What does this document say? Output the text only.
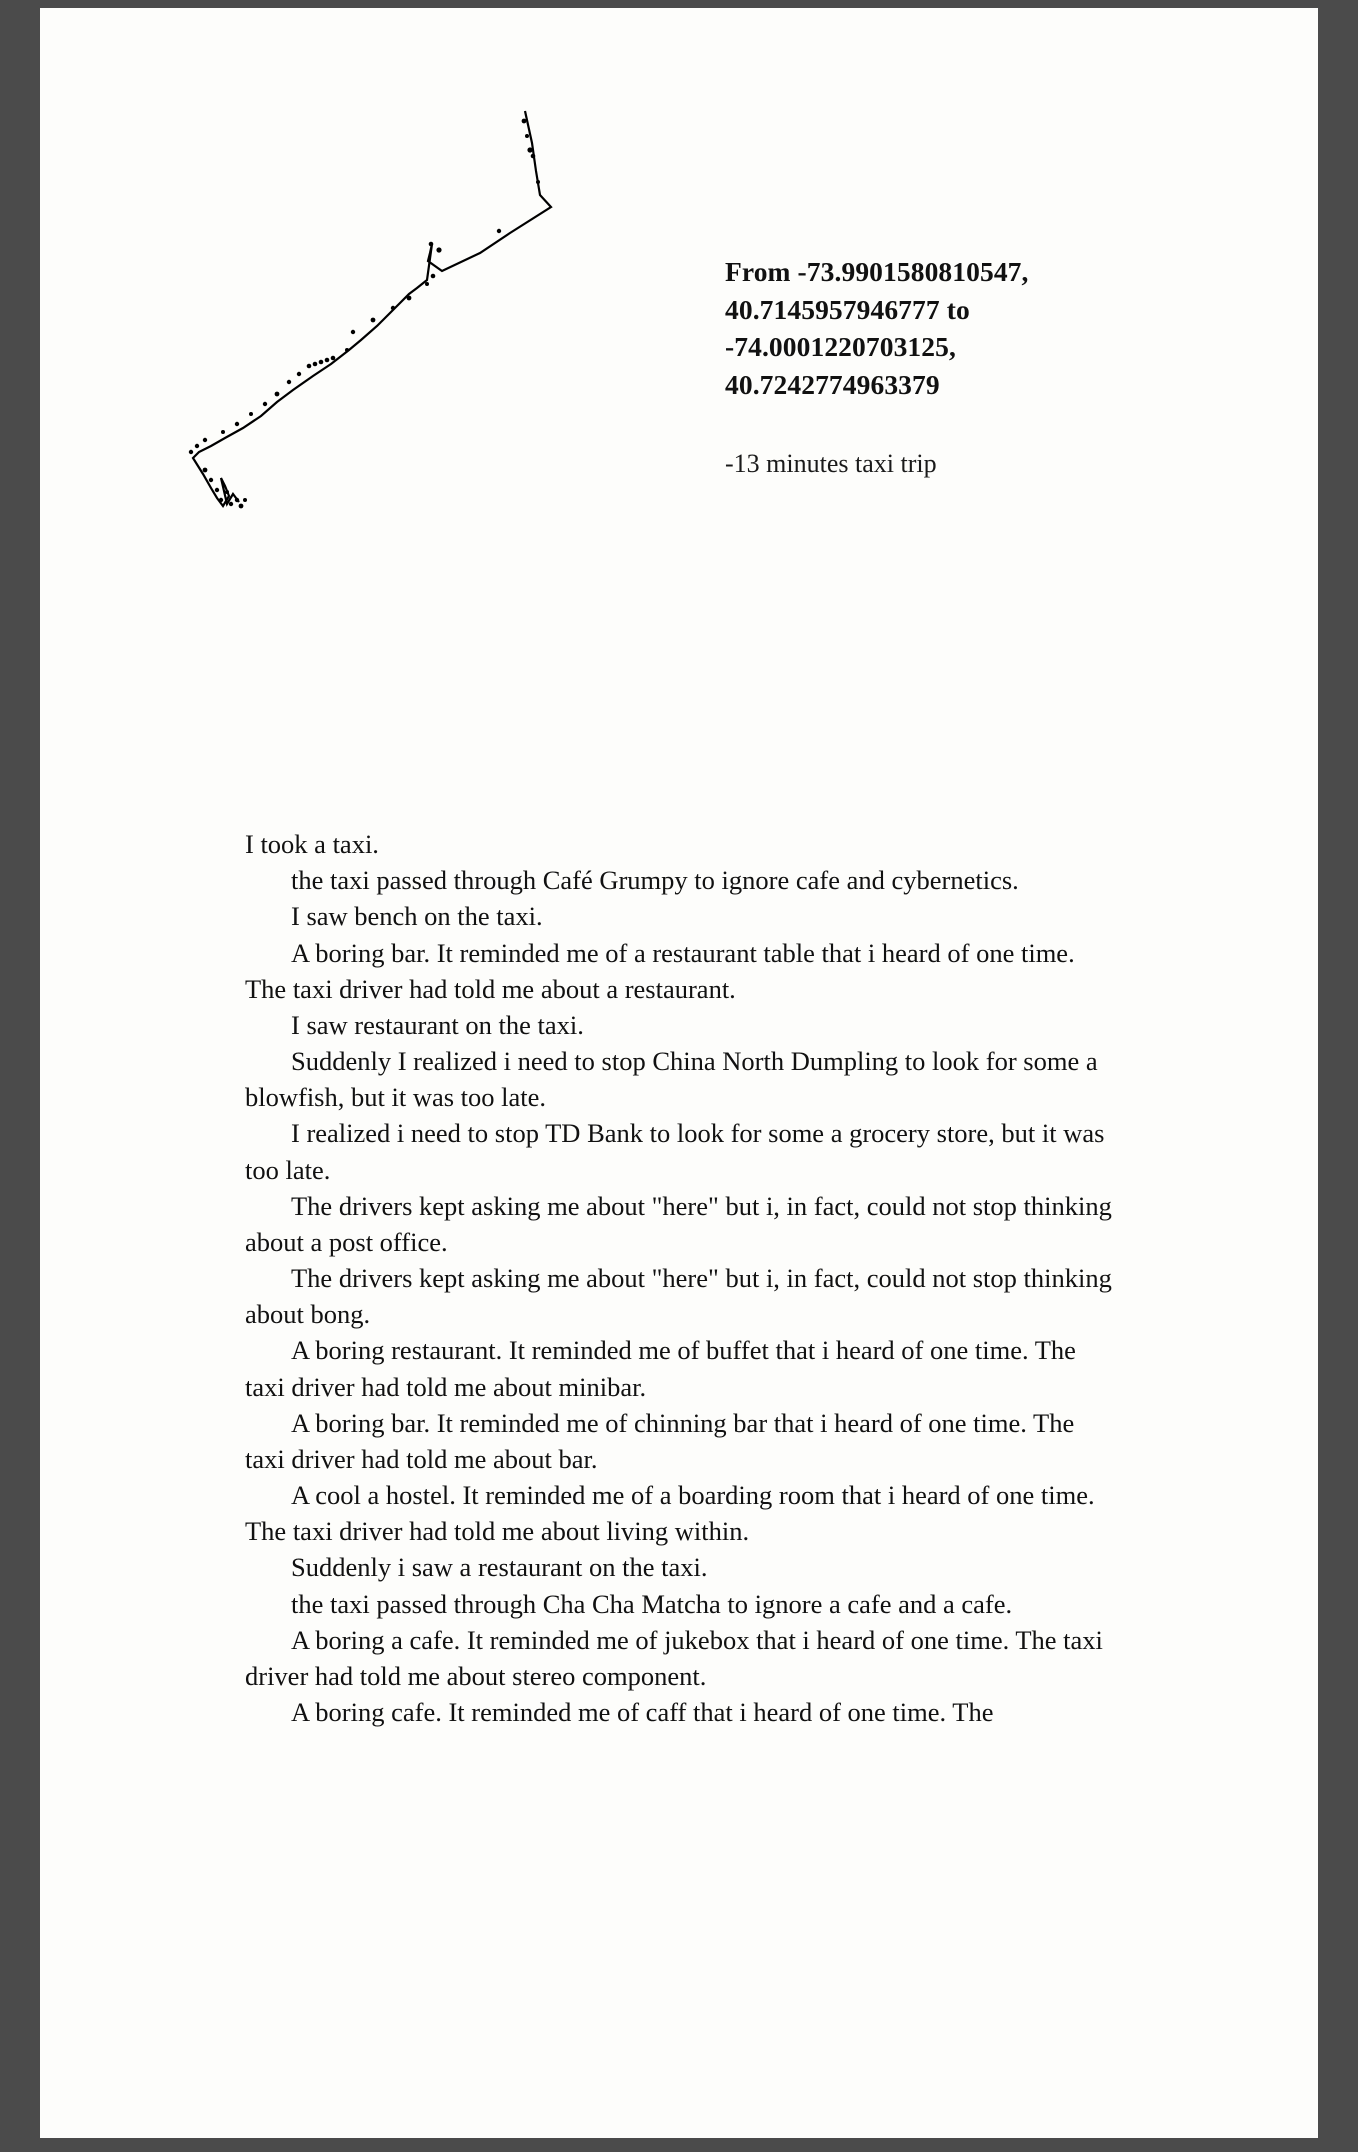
From -73.9901580810547,
40.7145957946777 to
-74.0001220703125,
40.7242774963379
-13 minutes taxi trip

I took a taxi.

the taxi passed through Café Grumpy to ignore cafe and cybernetics.

I saw bench on the taxi.

A boring bar. It reminded me of a restaurant table that i heard of one time. The taxi driver had told me about a restaurant.

I saw restaurant on the taxi.

Suddenly I realized i need to stop China North Dumpling to look for some a blowfish, but it was too late.

I realized i need to stop TD Bank to look for some a grocery store, but it was too late.

The drivers kept asking me about "here" but i, in fact, could not stop thinking about a post office.

The drivers kept asking me about "here" but i, in fact, could not stop thinking about bong.

A boring restaurant. It reminded me of buffet that i heard of one time. The taxi driver had told me about minibar.

A boring bar. It reminded me of chinning bar that i heard of one time. The taxi driver had told me about bar.

A cool a hostel. It reminded me of a boarding room that i heard of one time. The taxi driver had told me about living within.

Suddenly i saw a restaurant on the taxi.

the taxi passed through Cha Cha Matcha to ignore a cafe and a cafe.

A boring a cafe. It reminded me of jukebox that i heard of one time. The taxi driver had told me about stereo component.

A boring cafe. It reminded me of caff that i heard of one time. The
